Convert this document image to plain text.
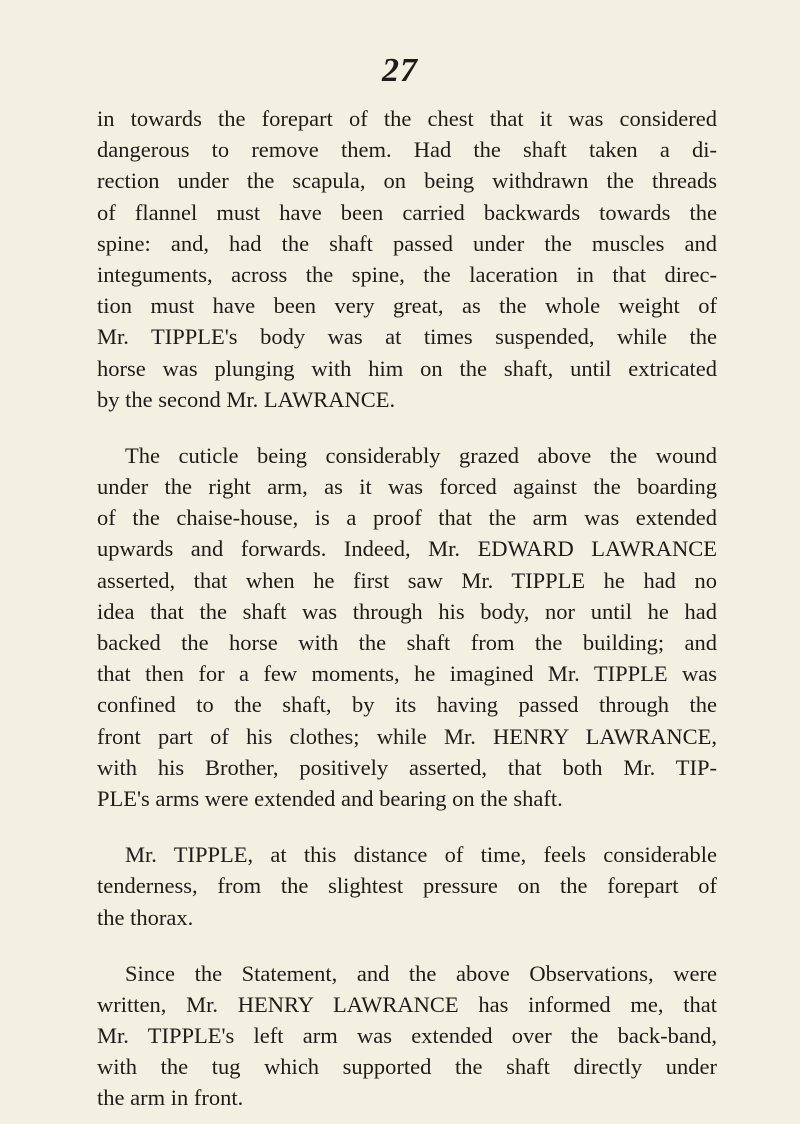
27
in towards the forepart of the chest that it was considered
dangerous to remove them. Had the shaft taken a di-
rection under the scapula, on being withdrawn the threads
of flannel must have been carried backwards towards the
spine: and, had the shaft passed under the muscles and
integuments, across the spine, the laceration in that direc-
tion must have been very great, as the whole weight of
Mr. TIPPLE's body was at times suspended, while the
horse was plunging with him on the shaft, until extricated
by the second Mr. LAWRANCE.
The cuticle being considerably grazed above the wound
under the right arm, as it was forced against the boarding
of the chaise-house, is a proof that the arm was extended
upwards and forwards. Indeed, Mr. EDWARD LAWRANCE
asserted, that when he first saw Mr. TIPPLE he had no
idea that the shaft was through his body, nor until he had
backed the horse with the shaft from the building; and
that then for a few moments, he imagined Mr. TIPPLE was
confined to the shaft, by its having passed through the
front part of his clothes; while Mr. HENRY LAWRANCE,
with his Brother, positively asserted, that both Mr. TIP-
PLE's arms were extended and bearing on the shaft.
Mr. TIPPLE, at this distance of time, feels considerable
tenderness, from the slightest pressure on the forepart of
the thorax.
Since the Statement, and the above Observations, were
written, Mr. HENRY LAWRANCE has informed me, that
Mr. TIPPLE's left arm was extended over the back-band,
with the tug which supported the shaft directly under
the arm in front.
